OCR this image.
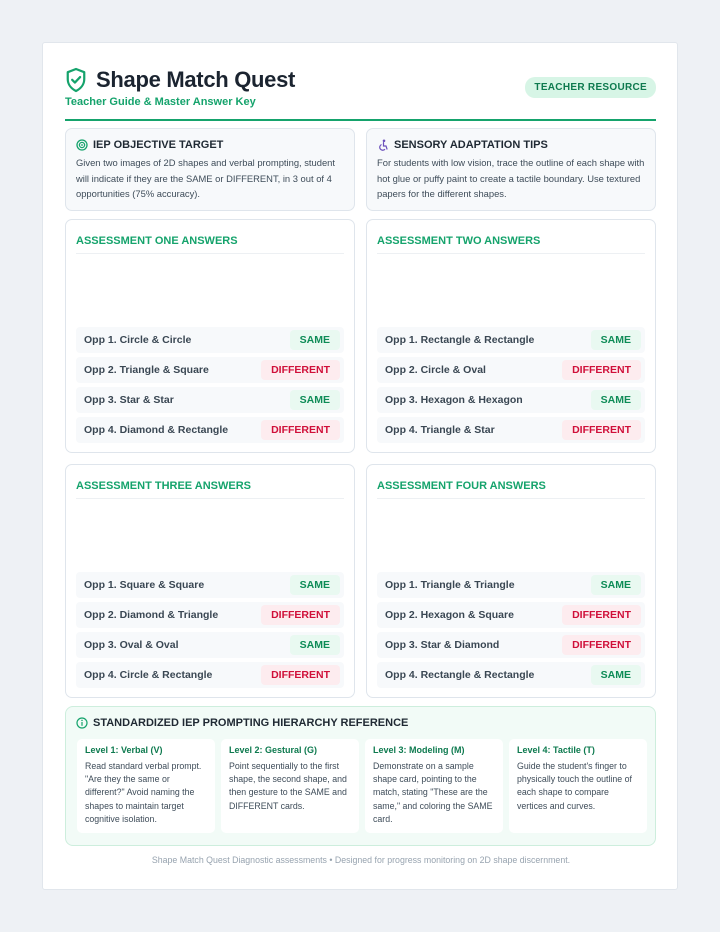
Shape Match Quest
Teacher Guide & Master Answer Key
TEACHER RESOURCE
IEP OBJECTIVE TARGET
Given two images of 2D shapes and verbal prompting, student will indicate if they are the SAME or DIFFERENT, in 3 out of 4 opportunities (75% accuracy).
SENSORY ADAPTATION TIPS
For students with low vision, trace the outline of each shape with hot glue or puffy paint to create a tactile boundary. Use textured papers for the different shapes.
ASSESSMENT ONE ANSWERS
Opp 1. Circle & Circle	SAME
Opp 2. Triangle & Square	DIFFERENT
Opp 3. Star & Star	SAME
Opp 4. Diamond & Rectangle	DIFFERENT
ASSESSMENT TWO ANSWERS
Opp 1. Rectangle & Rectangle	SAME
Opp 2. Circle & Oval	DIFFERENT
Opp 3. Hexagon & Hexagon	SAME
Opp 4. Triangle & Star	DIFFERENT
ASSESSMENT THREE ANSWERS
Opp 1. Square & Square	SAME
Opp 2. Diamond & Triangle	DIFFERENT
Opp 3. Oval & Oval	SAME
Opp 4. Circle & Rectangle	DIFFERENT
ASSESSMENT FOUR ANSWERS
Opp 1. Triangle & Triangle	SAME
Opp 2. Hexagon & Square	DIFFERENT
Opp 3. Star & Diamond	DIFFERENT
Opp 4. Rectangle & Rectangle	SAME
STANDARDIZED IEP PROMPTING HIERARCHY REFERENCE
Level 1: Verbal (V)
Read standard verbal prompt. "Are they the same or different?" Avoid naming the shapes to maintain target cognitive isolation.
Level 2: Gestural (G)
Point sequentially to the first shape, the second shape, and then gesture to the SAME and DIFFERENT cards.
Level 3: Modeling (M)
Demonstrate on a sample shape card, pointing to the match, stating "These are the same," and coloring the SAME card.
Level 4: Tactile (T)
Guide the student's finger to physically touch the outline of each shape to compare vertices and curves.
Shape Match Quest Diagnostic assessments • Designed for progress monitoring on 2D shape discernment.
